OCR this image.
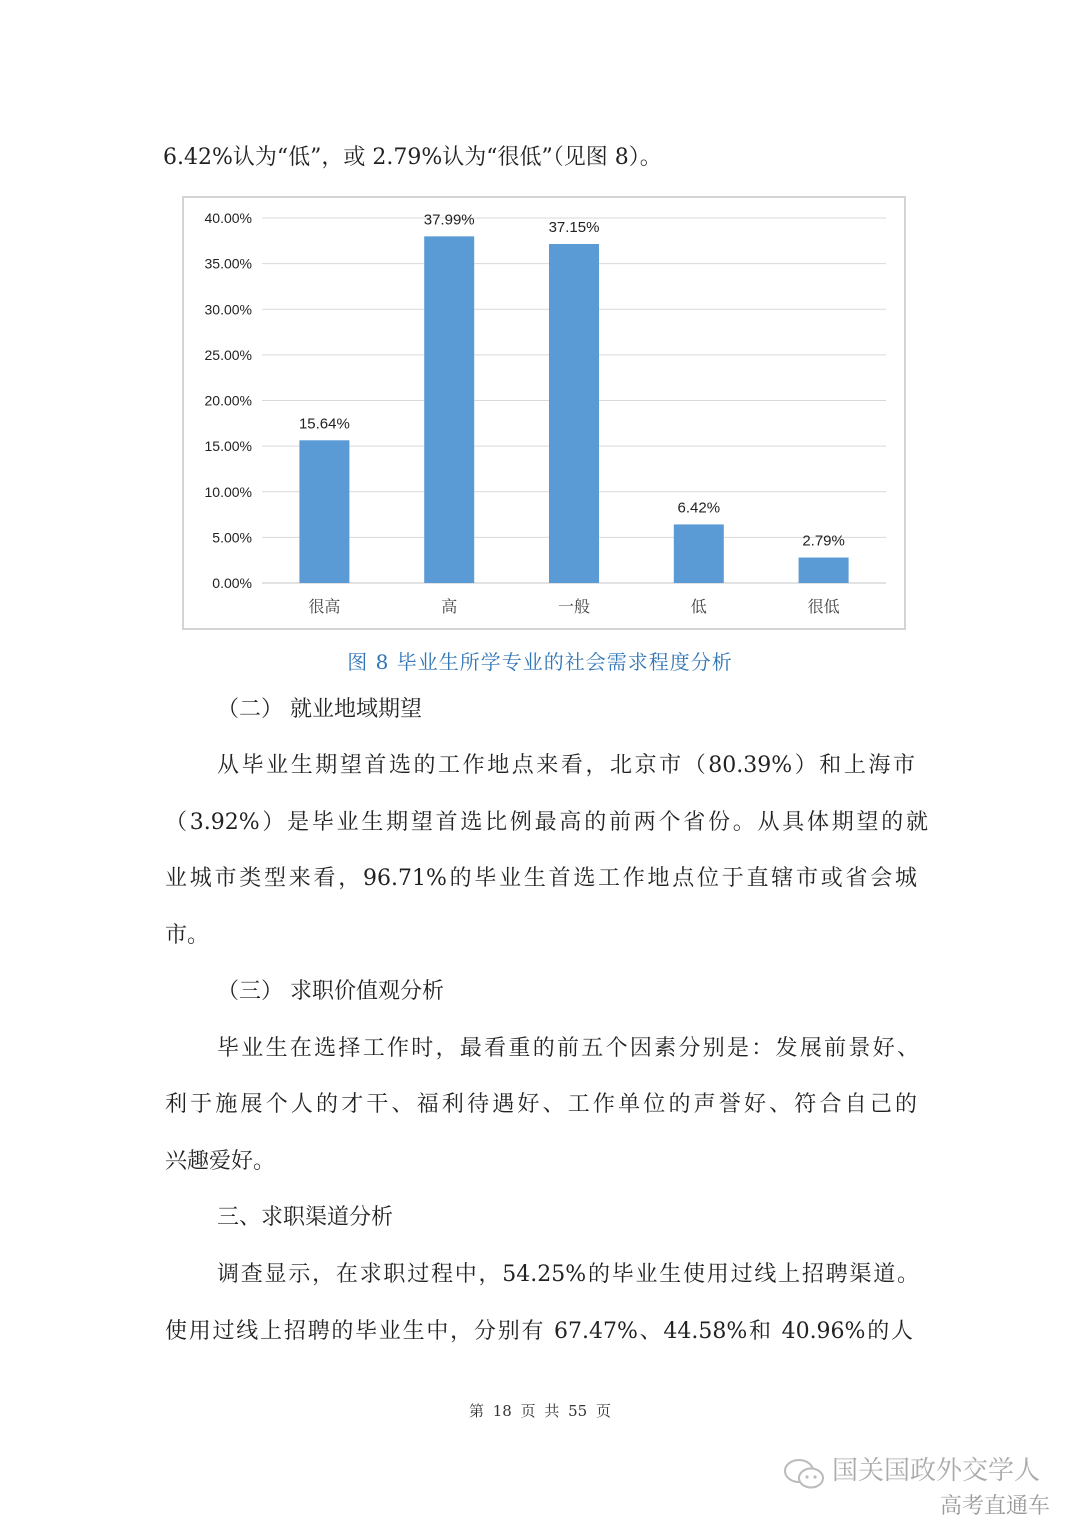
6.42%认为“低”，或 2.79%认为“很低”（见图 8）。
0.00%
5.00%
10.00%
15.00%
20.00%
25.00%
30.00%
35.00%
40.00%
15.64%
很高
37.99%
高
37.15%
一般
6.42%
低
2.79%
很低
图 8 毕业生所学专业的社会需求程度分析
（二） 就业地域期望
从毕业生期望首选的工作地点来看，北京市（80.39%）和上海市
（3.92%）是毕业生期望首选比例最高的前两个省份。从具体期望的就
业城市类型来看，96.71%的毕业生首选工作地点位于直辖市或省会城
市。
（三） 求职价值观分析
毕业生在选择工作时，最看重的前五个因素分别是：发展前景好、
利于施展个人的才干、福利待遇好、工作单位的声誉好、符合自己的
兴趣爱好。
三、求职渠道分析
调查显示，在求职过程中，54.25%的毕业生使用过线上招聘渠道。
使用过线上招聘的毕业生中，分别有 67.47%、44.58%和 40.96%的人
第 18 页 共 55 页
国关国政外交学人
高考直通车
